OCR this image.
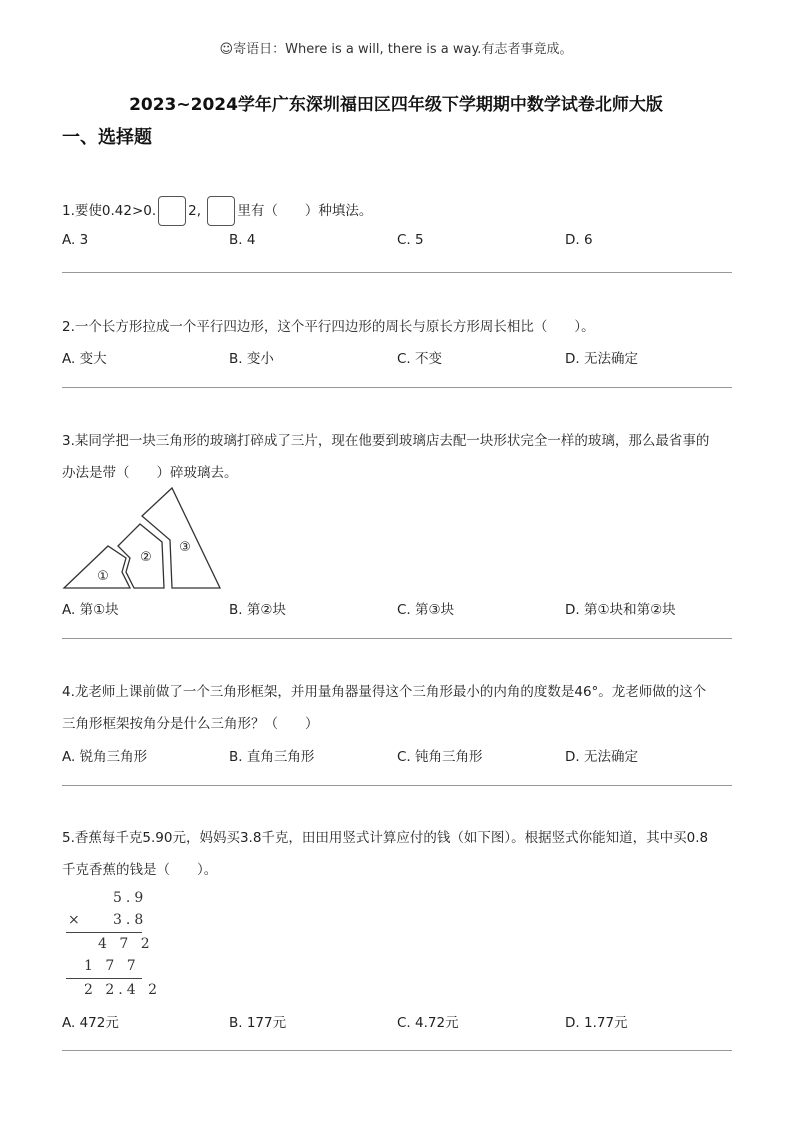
☺寄语日：Where is a will, there is a way.有志者事竟成。
2023~2024学年广东深圳福田区四年级下学期期中数学试卷北师大版
一、选择题
1.要使0.42>0. 2,	里有（　　）种填法。
A. 3	B. 4	C. 5	D. 6
2.一个长方形拉成一个平行四边形，这个平行四边形的周长与原长方形周长相比（　　）。
A. 变大	B. 变小	C. 不变	D. 无法确定
3.某同学把一块三角形的玻璃打碎成了三片，现在他要到玻璃店去配一块形状完全一样的玻璃，那么最省事的
办法是带（　　）碎玻璃去。
①
②
③
A. 第①块	B. 第②块	C. 第③块	D. 第①块和第②块
4.龙老师上课前做了一个三角形框架，并用量角器量得这个三角形最小的内角的度数是46°。龙老师做的这个
三角形框架按角分是什么三角形？（　　）
A. 锐角三角形	B. 直角三角形	C. 钝角三角形	D. 无法确定
5.香蕉每千克5.90元，妈妈买3.8千克，田田用竖式计算应付的钱（如下图）。根据竖式你能知道，其中买0.8
千克香蕉的钱是（　　）。
5.9
× 3.8
4 7 2
1 7 7
2 2.4 2
A. 472元	B. 177元	C. 4.72元	D. 1.77元
